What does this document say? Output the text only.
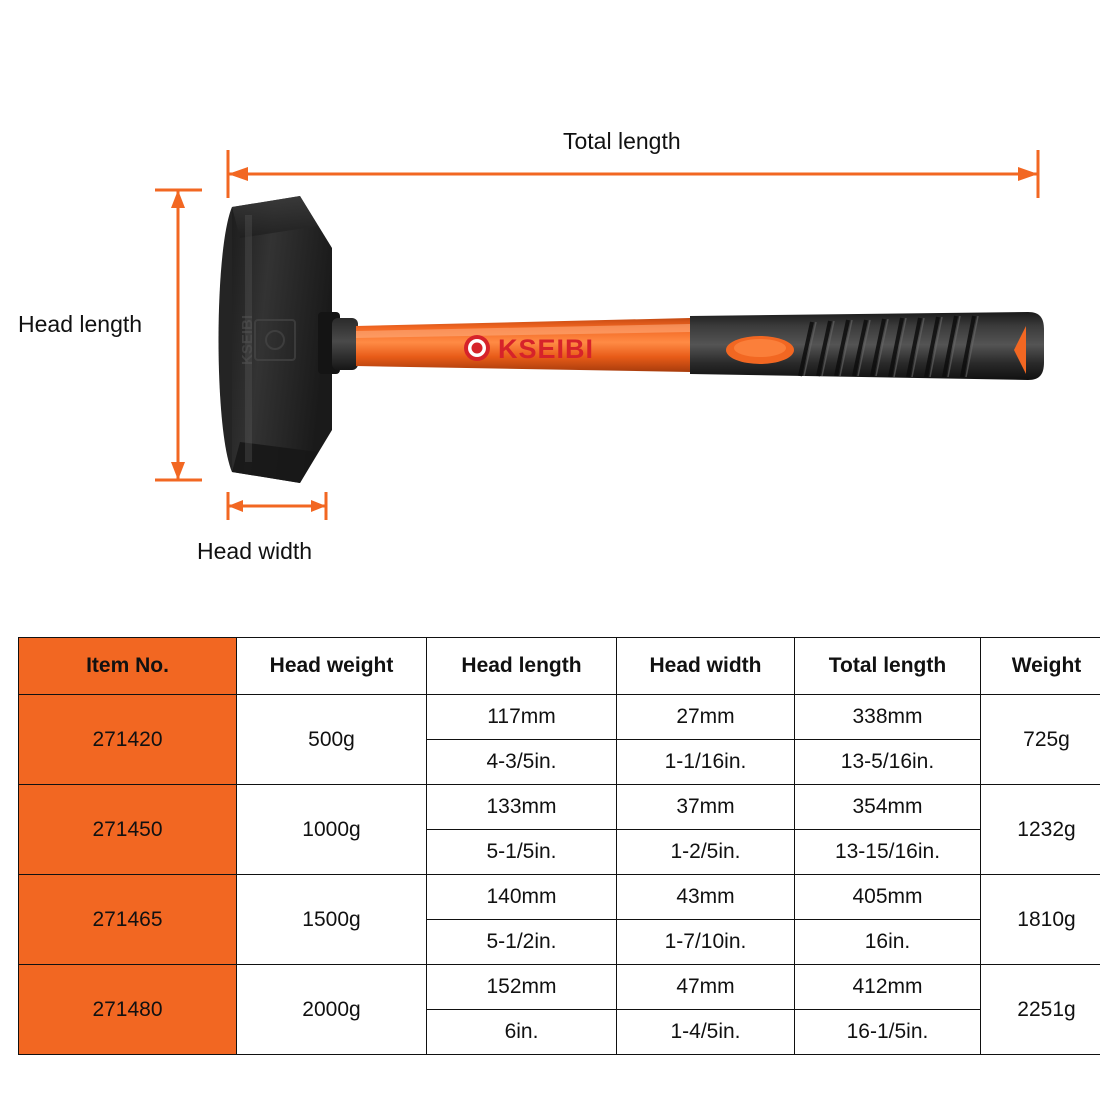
KSEIBI	KSEIBI
Total length
Head length
Head width
Item No.	Head weight	Head length	Head width	Total length	Weight
271420	500g	117mm	27mm	338mm	725g
		4-3/5in.	1-1/16in.	13-5/16in.	
271450	1000g	133mm	37mm	354mm	1232g
		5-1/5in.	1-2/5in.	13-15/16in.	
271465	1500g	140mm	43mm	405mm	1810g
		5-1/2in.	1-7/10in.	16in.	
271480	2000g	152mm	47mm	412mm	2251g
		6in.	1-4/5in.	16-1/5in.	
